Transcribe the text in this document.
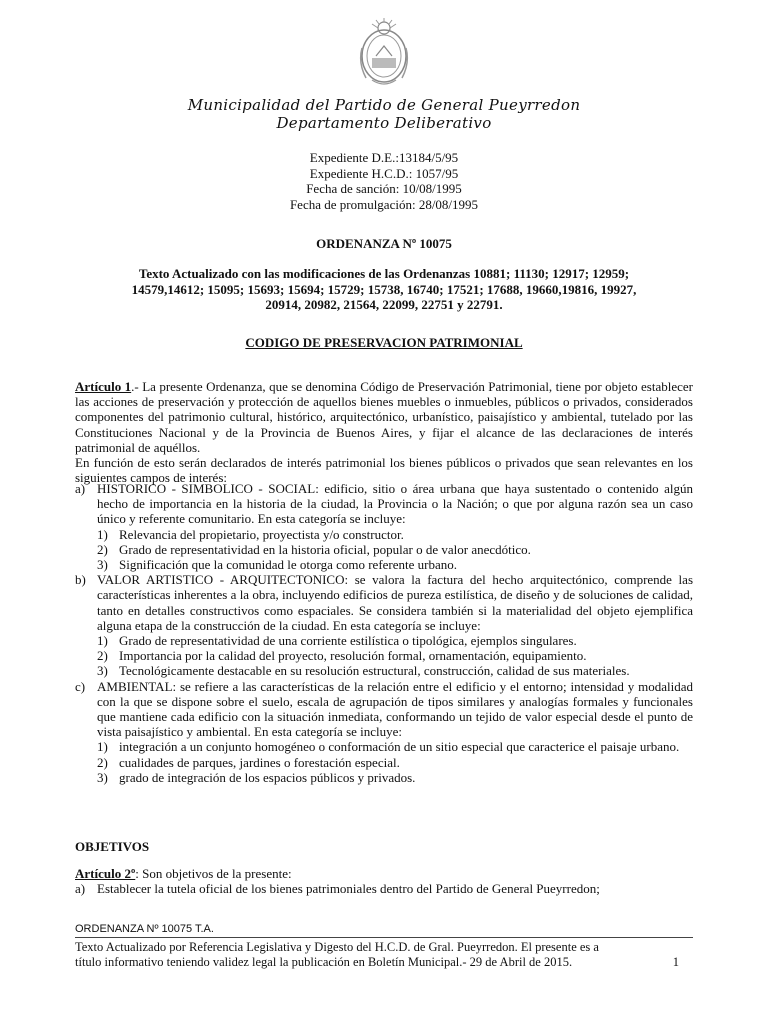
Municipalidad del Partido de General Pueyrredon
Departamento Deliberativo
Expediente D.E.:13184/5/95
Expediente H.C.D.: 1057/95
Fecha de sanción: 10/08/1995
Fecha de promulgación: 28/08/1995
ORDENANZA Nº 10075
Texto Actualizado con las modificaciones de las Ordenanzas 10881; 11130; 12917; 12959;
14579,14612; 15095; 15693; 15694; 15729; 15738, 16740; 17521; 17688, 19660,19816, 19927,
20914, 20982, 21564, 22099, 22751 y 22791.
CODIGO DE PRESERVACION PATRIMONIAL
Artículo 1.- La presente Ordenanza, que se denomina Código de Preservación Patrimonial, tiene por objeto establecer las acciones de preservación y protección de aquellos bienes muebles o inmuebles, públicos o privados, considerados componentes del patrimonio cultural, histórico, arquitectónico, urbanístico, paisajístico y ambiental, tutelado por las Constituciones Nacional y de la Provincia de Buenos Aires, y fijar el alcance de las declaraciones de interés patrimonial de aquéllos.
En función de esto serán declarados de interés patrimonial los bienes públicos o privados que sean relevantes en los siguientes campos de interés:
a) HISTORICO - SIMBOLICO - SOCIAL: edificio, sitio o área urbana que haya sustentado o contenido algún hecho de importancia en la historia de la ciudad, la Provincia o la Nación; o que por alguna razón sea un caso único y referente comunitario. En esta categoría se incluye:
1) Relevancia del propietario, proyectista y/o constructor.
2) Grado de representatividad en la historia oficial, popular o de valor anecdótico.
3) Significación que la comunidad le otorga como referente urbano.
b) VALOR ARTISTICO - ARQUITECTONICO: se valora la factura del hecho arquitectónico, comprende las características inherentes a la obra, incluyendo edificios de pureza estilística, de diseño y de soluciones de calidad, tanto en detalles constructivos como espaciales. Se considera también si la materialidad del objeto ejemplifica alguna etapa de la construcción de la ciudad. En esta categoría se incluye:
1) Grado de representatividad de una corriente estilística o tipológica, ejemplos singulares.
2) Importancia por la calidad del proyecto, resolución formal, ornamentación, equipamiento.
3) Tecnológicamente destacable en su resolución estructural, construcción, calidad de sus materiales.
c) AMBIENTAL: se refiere a las características de la relación entre el edificio y el entorno; intensidad y modalidad con la que se dispone sobre el suelo, escala de agrupación de tipos similares y analogías formales y funcionales que mantiene cada edificio con la situación inmediata, conformando un tejido de valor especial desde el punto de vista paisajístico y ambiental. En esta categoría se incluye:
1) integración a un conjunto homogéneo o conformación de un sitio especial que caracterice el paisaje urbano.
2) cualidades de parques, jardines o forestación especial.
3) grado de integración de los espacios públicos y privados.
OBJETIVOS
Artículo 2º: Son objetivos de la presente:
a) Establecer la tutela oficial de los bienes patrimoniales dentro del Partido de General Pueyrredon;
ORDENANZA Nº 10075 T.A.
Texto Actualizado por Referencia Legislativa y Digesto del H.C.D. de Gral. Pueyrredon. El presente es a
título informativo teniendo validez legal la publicación en Boletín Municipal.- 29 de Abril de 2015.	1
